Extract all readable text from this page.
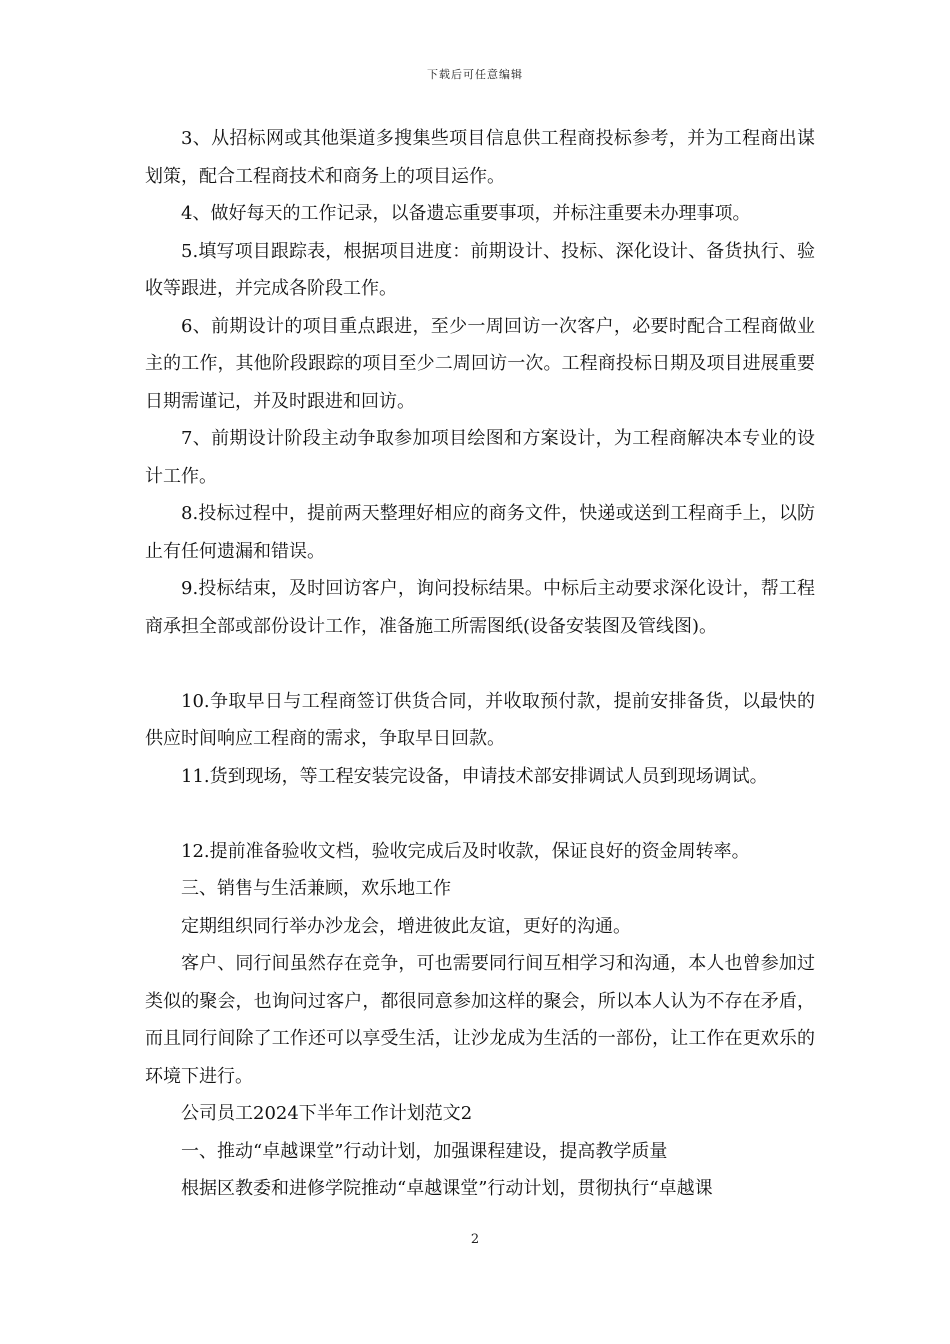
下载后可任意编辑

3、从招标网或其他渠道多搜集些项目信息供工程商投标参考，并为工程商出谋划策，配合工程商技术和商务上的项目运作。

4、做好每天的工作记录，以备遗忘重要事项，并标注重要未办理事项。

5.填写项目跟踪表，根据项目进度：前期设计、投标、深化设计、备货执行、验收等跟进，并完成各阶段工作。

6、前期设计的项目重点跟进，至少一周回访一次客户，必要时配合工程商做业主的工作，其他阶段跟踪的项目至少二周回访一次。工程商投标日期及项目进展重要日期需谨记，并及时跟进和回访。

7、前期设计阶段主动争取参加项目绘图和方案设计，为工程商解决本专业的设计工作。

8.投标过程中，提前两天整理好相应的商务文件，快递或送到工程商手上，以防止有任何遗漏和错误。

9.投标结束，及时回访客户，询问投标结果。中标后主动要求深化设计，帮工程商承担全部或部份设计工作，准备施工所需图纸(设备安装图及管线图)。

10.争取早日与工程商签订供货合同，并收取预付款，提前安排备货，以最快的供应时间响应工程商的需求，争取早日回款。

11.货到现场，等工程安装完设备，申请技术部安排调试人员到现场调试。

12.提前准备验收文档，验收完成后及时收款，保证良好的资金周转率。

三、销售与生活兼顾，欢乐地工作

定期组织同行举办沙龙会，增进彼此友谊，更好的沟通。

客户、同行间虽然存在竞争，可也需要同行间互相学习和沟通，本人也曾参加过类似的聚会，也询问过客户，都很同意参加这样的聚会，所以本人认为不存在矛盾，而且同行间除了工作还可以享受生活，让沙龙成为生活的一部份，让工作在更欢乐的环境下进行。

公司员工2024下半年工作计划范文2

一、推动“卓越课堂”行动计划，加强课程建设，提高教学质量

根据区教委和进修学院推动“卓越课堂”行动计划，贯彻执行“卓越课

2
